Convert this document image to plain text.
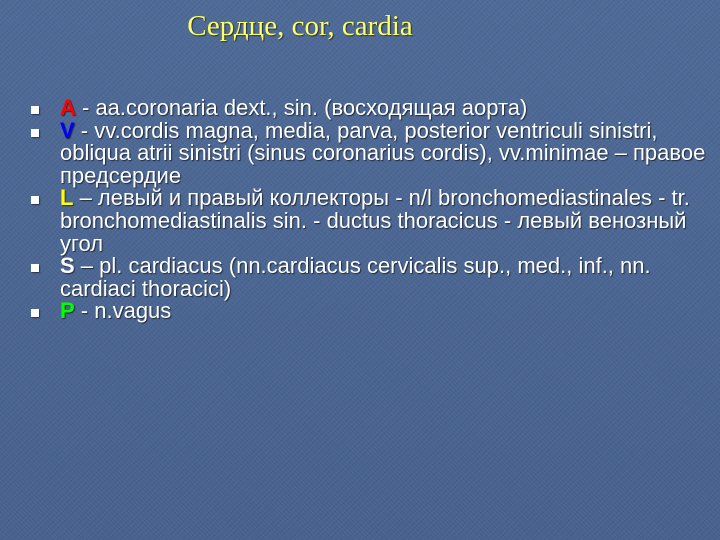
Сердце, cor, cardia
A - aa.coronaria dext., sin. (восходящая аорта)
V - vv.cordis magna, media, parva, posterior ventriculi sinistri, obliqua atrii sinistri (sinus coronarius cordis), vv.minimae – правое предсердие
L – левый и правый коллекторы - n/l bronchomediastinales - tr. bronchomediastinalis sin. - ductus thoracicus - левый венозный угол
S – pl. cardiacus (nn.cardiacus cervicalis sup., med., inf., nn. cardiaci thoracici)
P - n.vagus
